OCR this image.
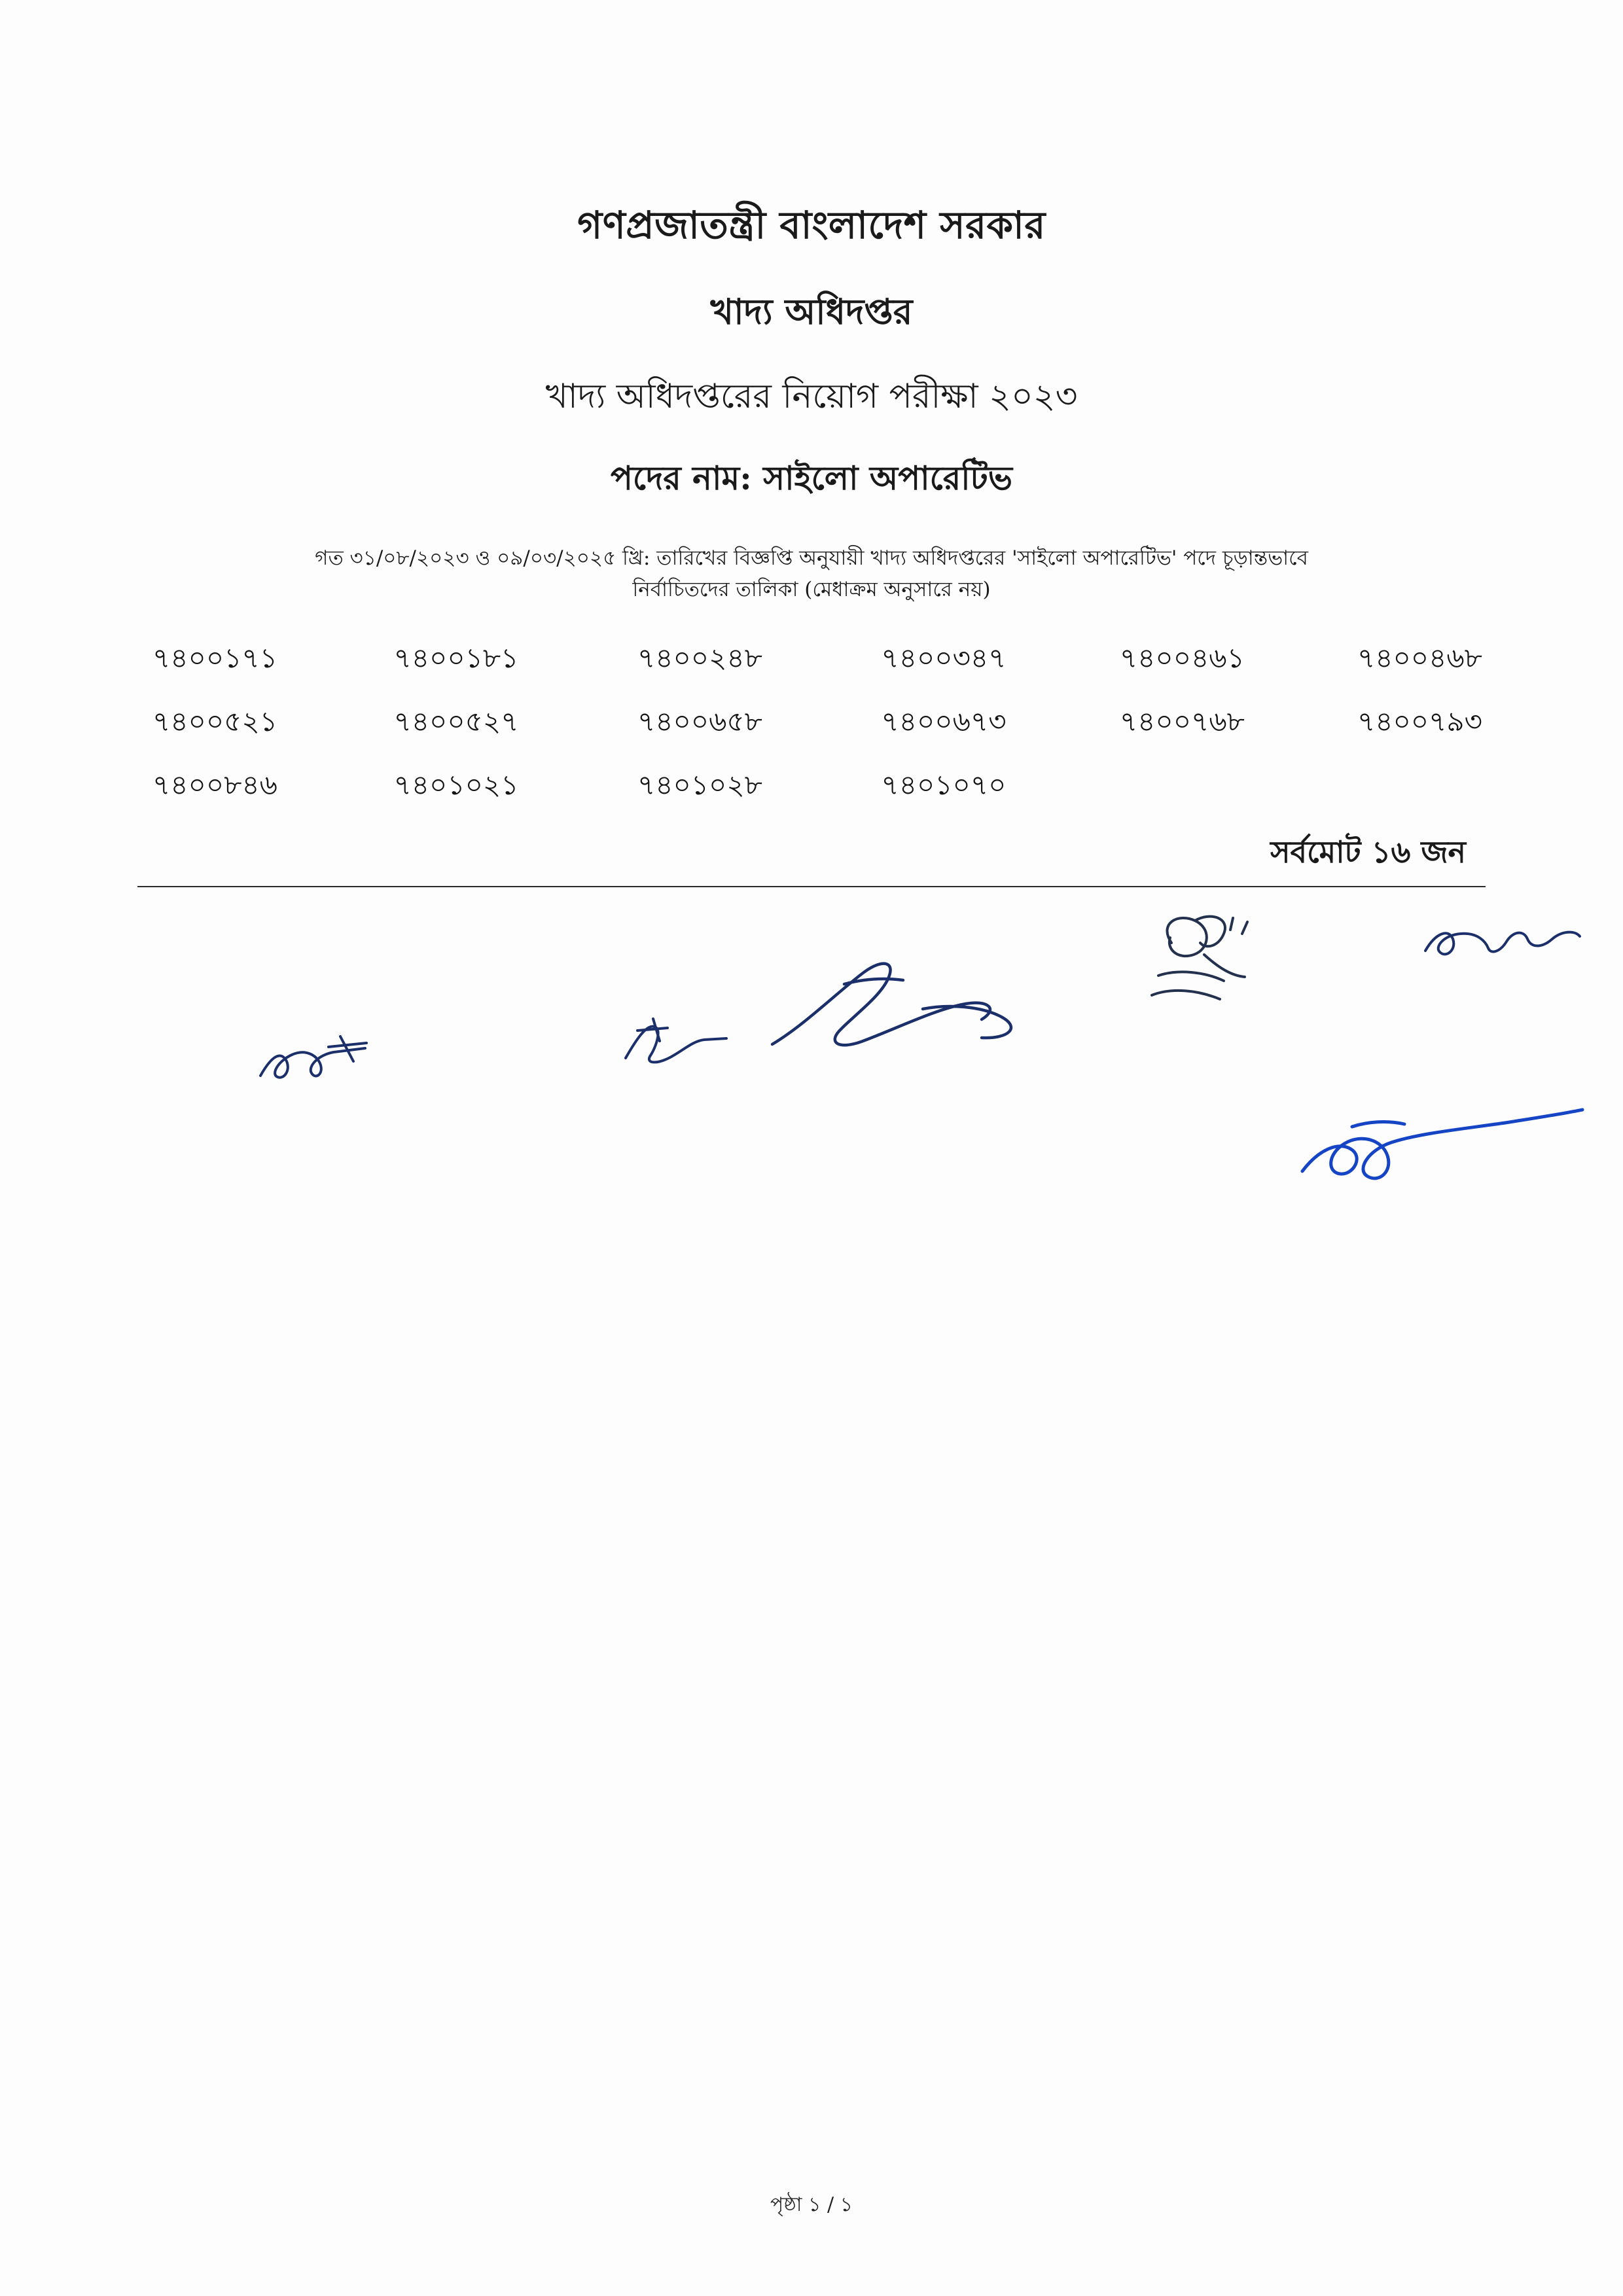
গণপ্রজাতন্ত্রী বাংলাদেশ সরকার
খাদ্য অধিদপ্তর
খাদ্য অধিদপ্তরের নিয়োগ পরীক্ষা ২০২৩
পদের নাম: সাইলো অপারেটিভ
গত ৩১/০৮/২০২৩ ও ০৯/০৩/২০২৫ খ্রি: তারিখের বিজ্ঞপ্তি অনুযায়ী খাদ্য অধিদপ্তরের 'সাইলো অপারেটিভ' পদে চূড়ান্তভাবে
নির্বাচিতদের তালিকা (মেধাক্রম অনুসারে নয়)
৭৪০০১৭১	৭৪০০১৮১	৭৪০০২৪৮	৭৪০০৩৪৭	৭৪০০৪৬১	৭৪০০৪৬৮
৭৪০০৫২১	৭৪০০৫২৭	৭৪০০৬৫৮	৭৪০০৬৭৩	৭৪০০৭৬৮	৭৪০০৭৯৩
৭৪০০৮৪৬	৭৪০১০২১	৭৪০১০২৮	৭৪০১০৭০
সর্বমোট ১৬ জন
পৃষ্ঠা ১ / ১
